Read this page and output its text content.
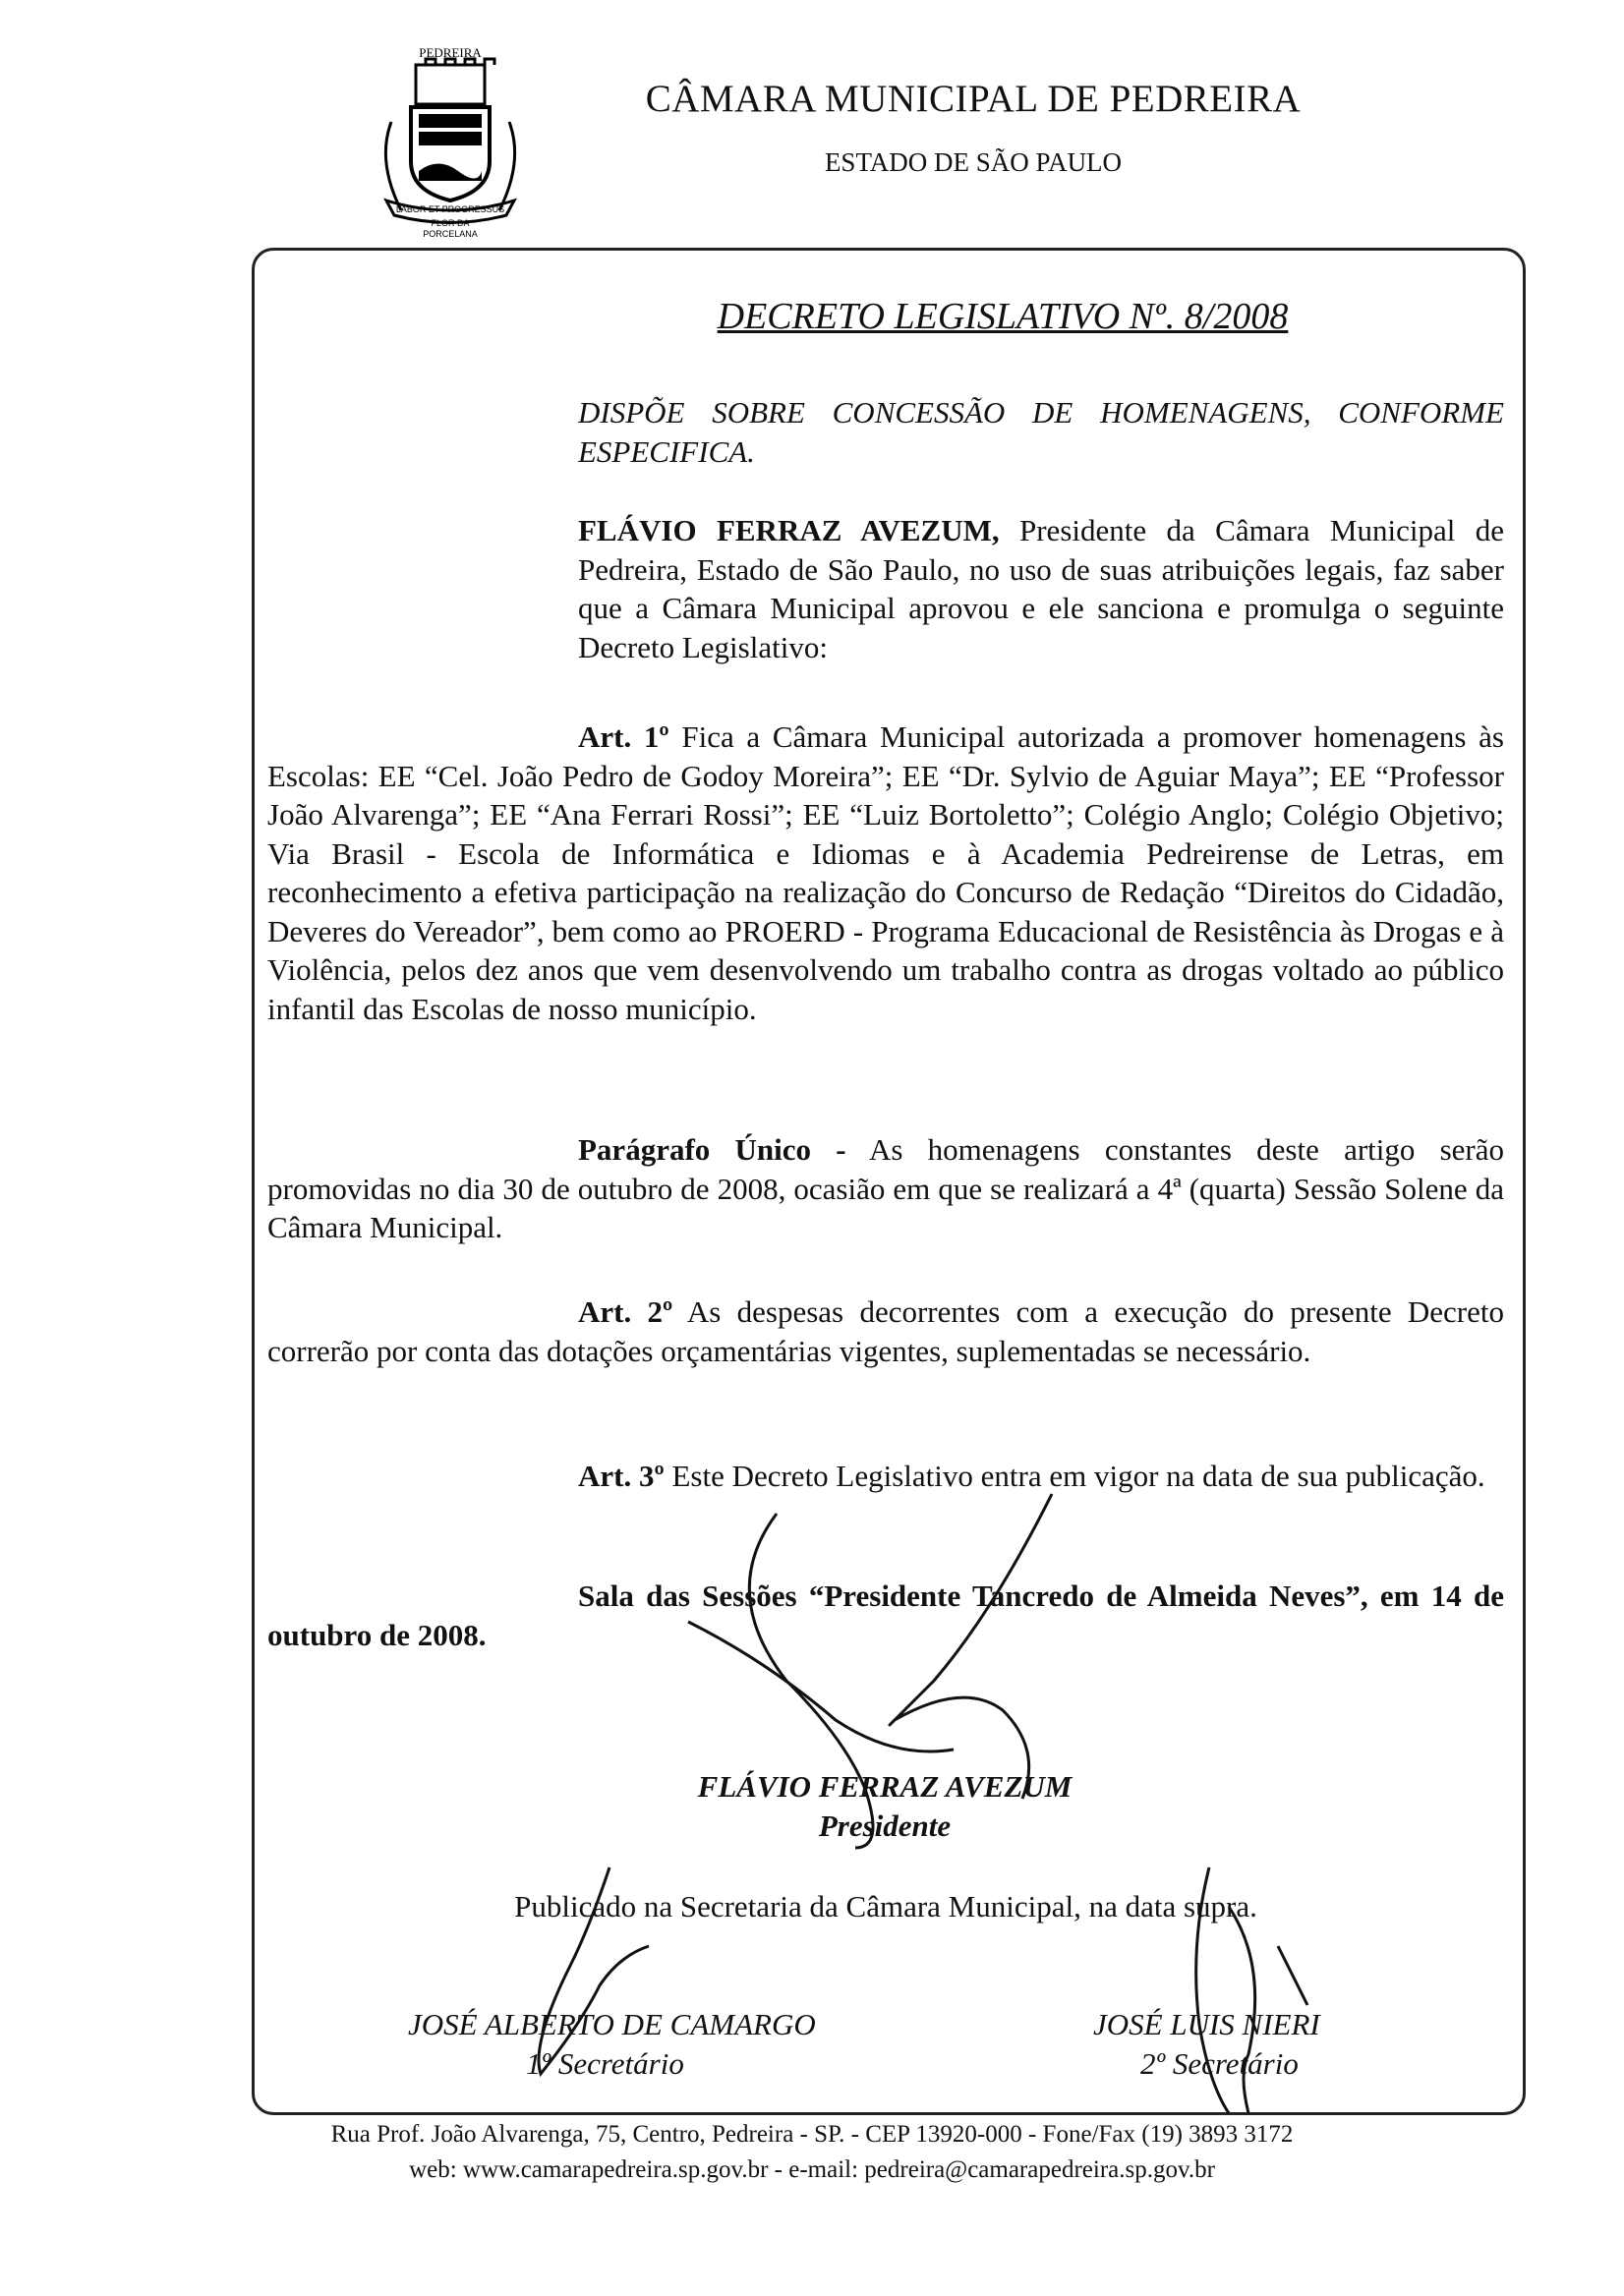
PEDREIRA
LABOR ET PROGRESSUS
FLOR DA
PORCELANA
CÂMARA MUNICIPAL DE PEDREIRA
ESTADO DE SÃO PAULO
DECRETO LEGISLATIVO Nº. 8/2008
DISPÕE SOBRE CONCESSÃO DE HOMENAGENS, CONFORME ESPECIFICA.
FLÁVIO FERRAZ AVEZUM, Presidente da Câmara Municipal de Pedreira, Estado de São Paulo, no uso de suas atribuições legais, faz saber que a Câmara Municipal aprovou e ele sanciona e promulga o seguinte Decreto Legislativo:
Art. 1º Fica a Câmara Municipal autorizada a promover homenagens às Escolas: EE “Cel. João Pedro de Godoy Moreira”; EE “Dr. Sylvio de Aguiar Maya”; EE “Professor João Alvarenga”; EE “Ana Ferrari Rossi”; EE “Luiz Bortoletto”; Colégio Anglo; Colégio Objetivo; Via Brasil - Escola de Informática e Idiomas e à Academia Pedreirense de Letras, em reconhecimento a efetiva participação na realização do Concurso de Redação “Direitos do Cidadão, Deveres do Vereador”, bem como ao PROERD - Programa Educacional de Resistência às Drogas e à Violência, pelos dez anos que vem desenvolvendo um trabalho contra as drogas voltado ao público infantil das Escolas de nosso município.
Parágrafo Único - As homenagens constantes deste artigo serão promovidas no dia 30 de outubro de 2008, ocasião em que se realizará a 4ª (quarta) Sessão Solene da Câmara Municipal.
Art. 2º As despesas decorrentes com a execução do presente Decreto correrão por conta das dotações orçamentárias vigentes, suplementadas se necessário.
Art. 3º Este Decreto Legislativo entra em vigor na data de sua publicação.
Sala das Sessões “Presidente Tancredo de Almeida Neves”, em 14 de outubro de 2008.
FLÁVIO FERRAZ AVEZUM
Presidente
Publicado na Secretaria da Câmara Municipal, na data supra.
JOSÉ ALBERTO DE CAMARGO
1º Secretário
JOSÉ LUIS NIERI
2º Secretário
Rua Prof. João Alvarenga, 75, Centro, Pedreira - SP. - CEP 13920-000 - Fone/Fax (19) 3893 3172
web: www.camarapedreira.sp.gov.br - e-mail: pedreira@camarapedreira.sp.gov.br
